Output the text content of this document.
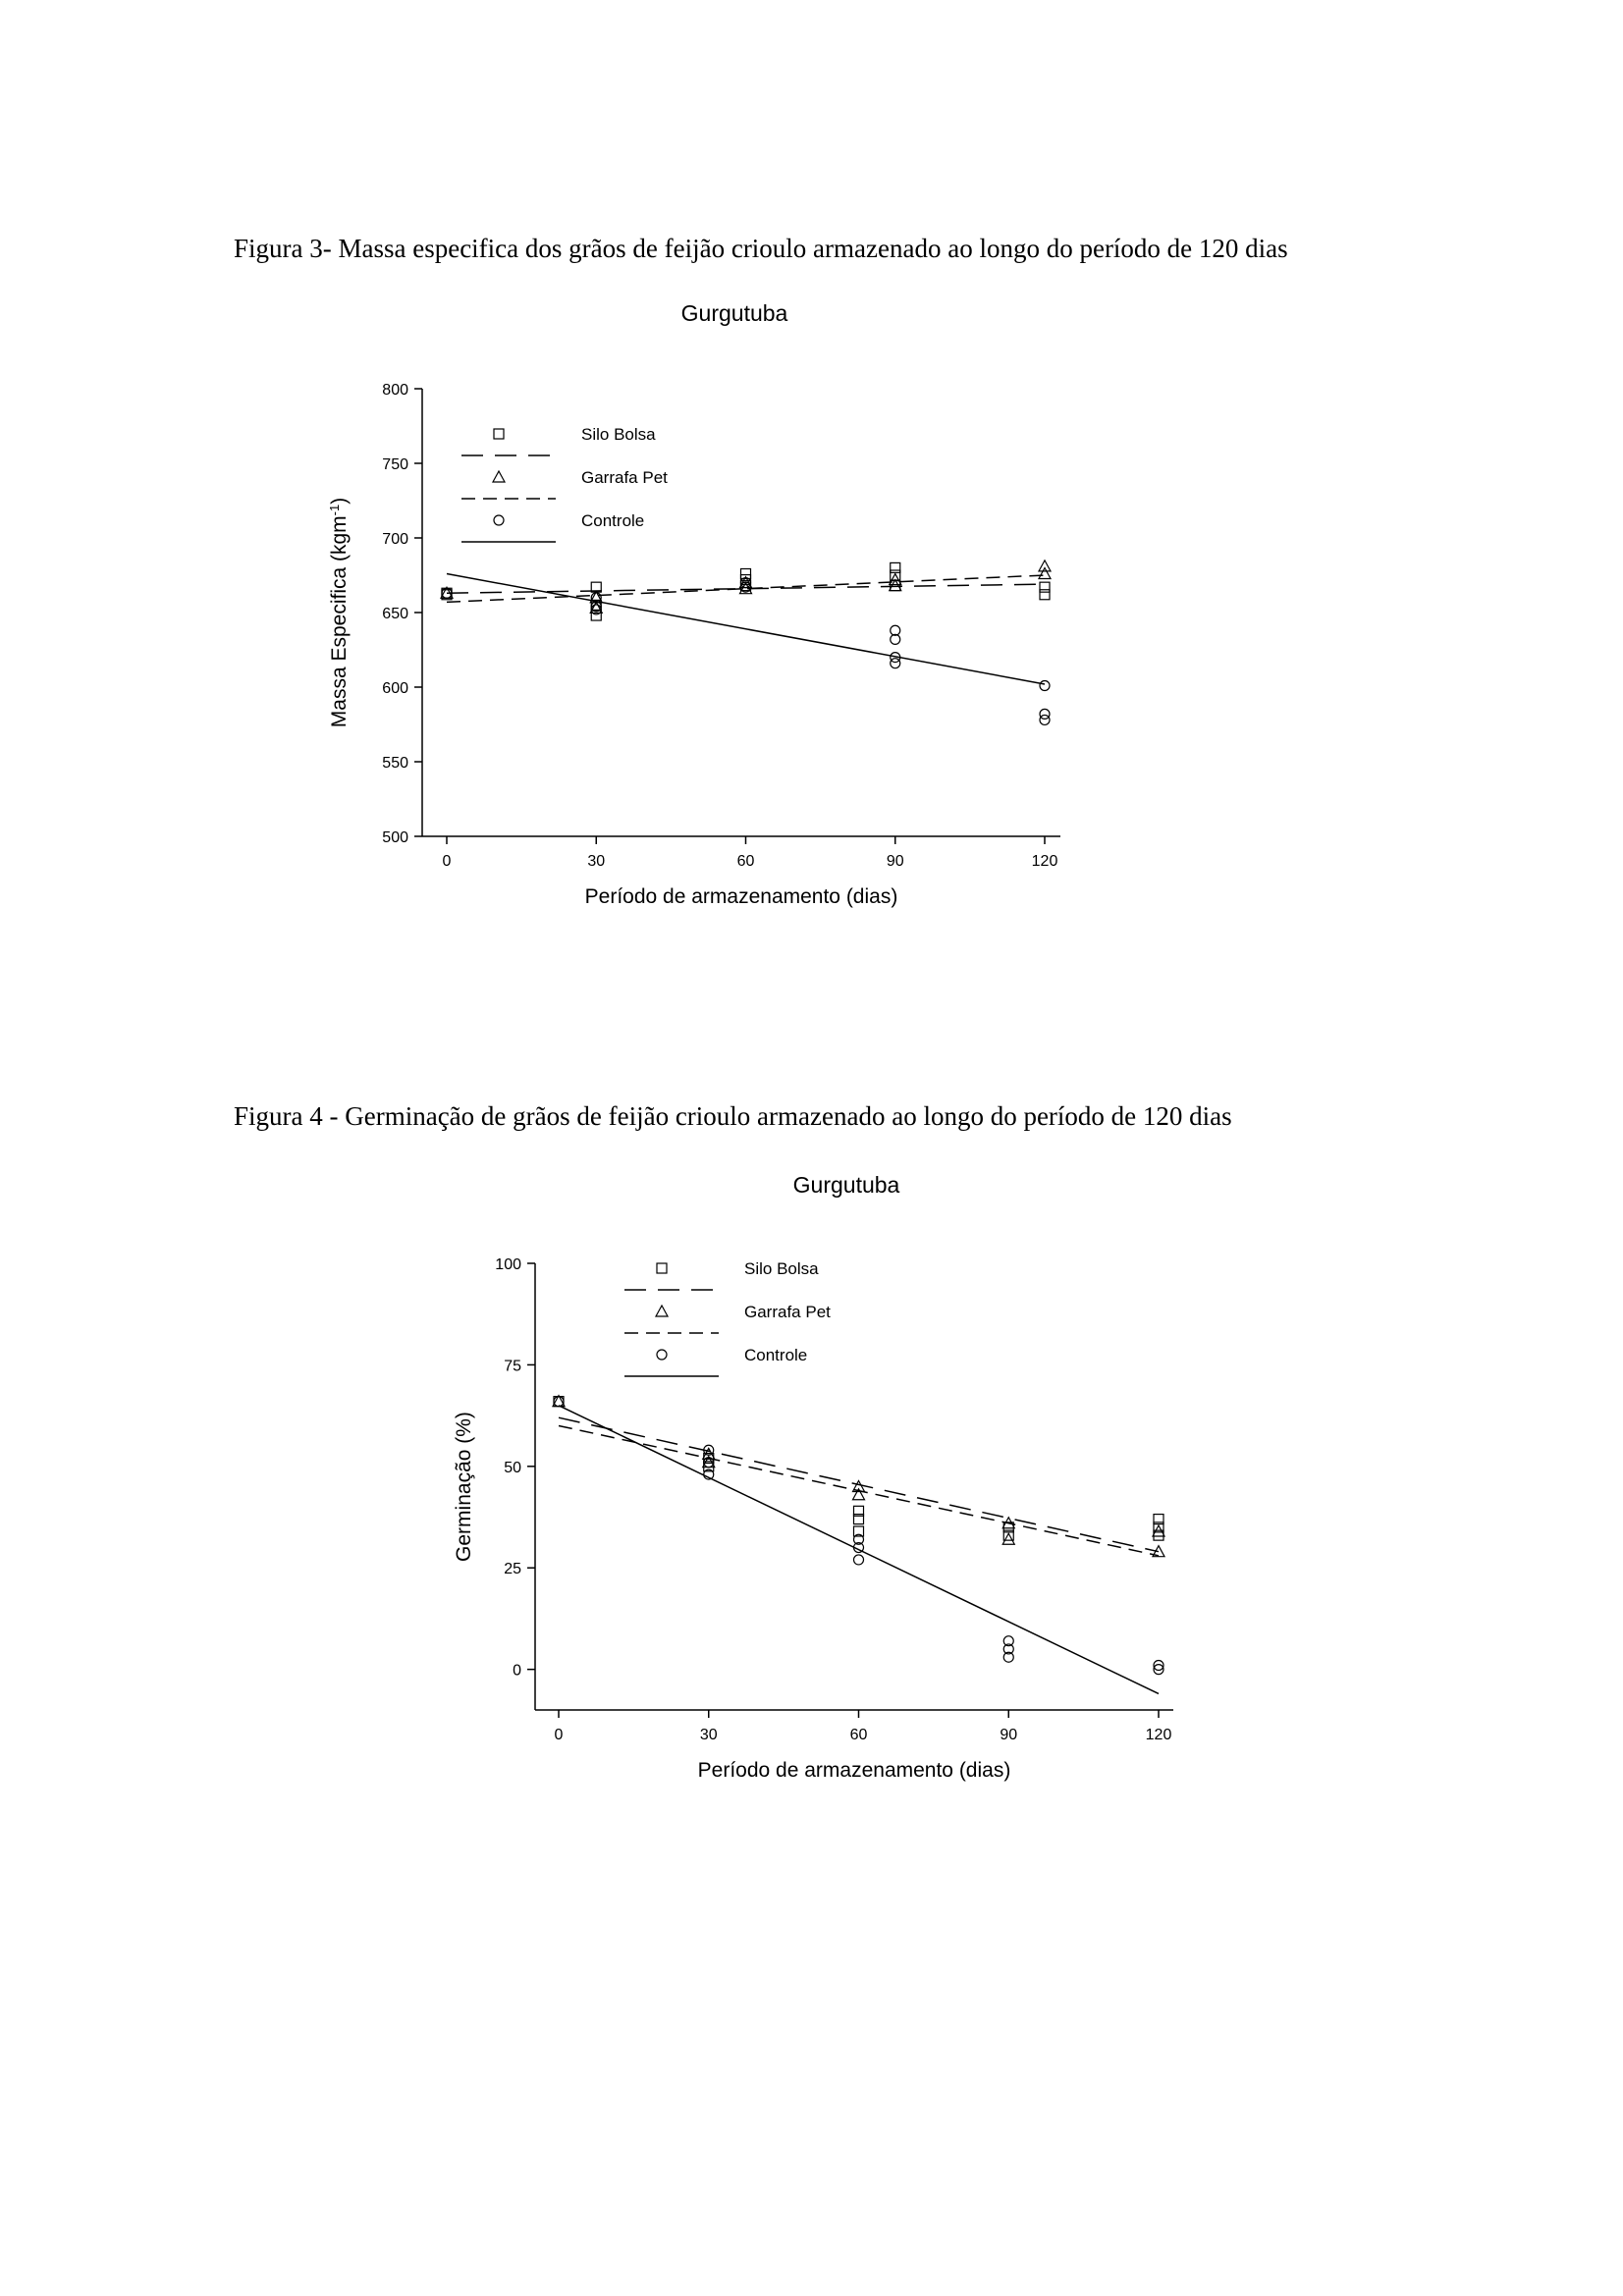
Figura 3- Massa especifica dos grãos de feijão crioulo armazenado ao longo do período de 120 dias
Figura 4 - Germinação de grãos de feijão crioulo armazenado ao longo do período de 120 dias
Gurgutuba
500
550
600
650
700
750
800
0	30	60	90	120
Período de armazenamento (dias)
Massa Especifica (kgm$^{-1}$)
Silo Bolsa
Garrafa Pet
Controle
Gurgutuba
0
25
50
75
100
0	30	60	90	120
Período de armazenamento (dias)
Germinação (%)
Silo Bolsa
Garrafa Pet
Controle
